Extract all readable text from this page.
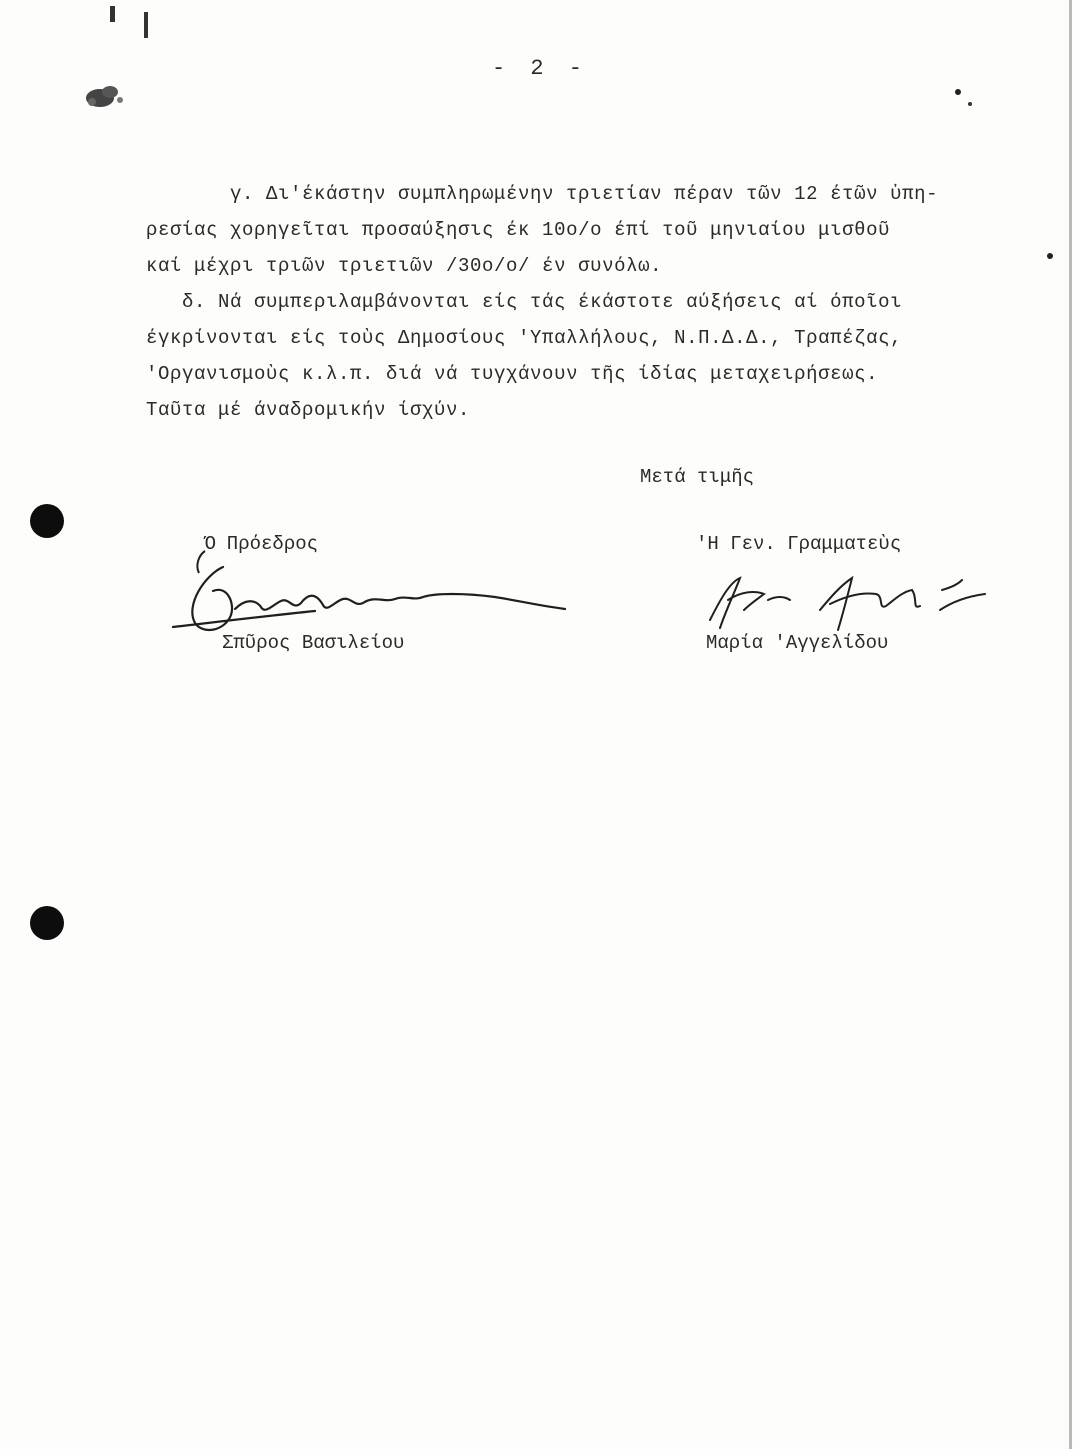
- 2 -
γ. Δι'έκάστην συμπληρωμένην τριετίαν πέραν τῶν 12 έτῶν ὑπη-
ρεσίας χορηγεῖται προσαύξησις έκ 10ο/ο έπί τοῦ μηνιαίου μισθοῦ
καί μέχρι τριῶν τριετιῶν /30ο/ο/ έν συνόλω.
δ. Νά συμπεριλαμβάνονται είς τάς έκάστοτε αύξήσεις αί όποῖοι
έγκρίνονται είς τοὺς Δημοσίους 'Υπαλλήλους, Ν.Π.Δ.Δ., Τραπέζας,
'Οργανισμοὺς κ.λ.π. διά νά τυγχάνουν τῆς ίδίας μεταχειρήσεως.
Ταῦτα μέ άναδρομικήν ίσχύν.
Μετά τιμῆς
Ό Πρόεδρος	'Η Γεν. Γραμματεὺς
Σπῦρος Βασιλείου	Μαρία 'Αγγελίδου
